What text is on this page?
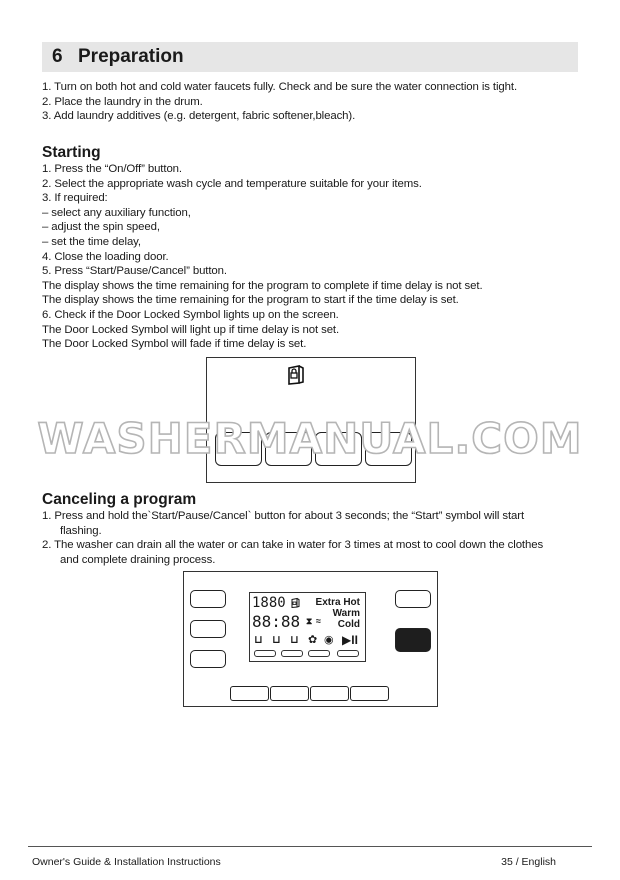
6 Preparation
1. Turn on both hot and cold water faucets fully. Check and be sure the water connection is tight.
2. Place the laundry in the drum.
3. Add laundry additives (e.g. detergent, fabric softener,bleach).
Starting
1. Press the “On/Off” button.
2. Select the appropriate wash cycle and temperature suitable for your items.
3. If required:
– select any auxiliary function,
– adjust the spin speed,
– set the time delay,
4. Close the loading door.
5. Press “Start/Pause/Cancel” button.
The display shows the time remaining for the program to complete if time delay is not set.
The display shows the time remaining for the program to start if the time delay is set.
6. Check if the Door Locked Symbol lights up on the screen.
The Door Locked Symbol will light up if time delay is not set.
The Door Locked Symbol will fade if time delay is set.
WASHERMANUAL.COM
Canceling a program
1. Press and hold the`Start/Pause/Cancel` button for about 3 seconds; the “Start” symbol will start
flashing.
2. The washer can drain all the water or can take in water for 3 times at most to cool down the clothes
and complete draining process.
1880	Extra Hot
Warm
Cold
88:88 ⧗ ≈
⊔ ⊔ ⊔ ✿ ◉ ▶II
Owner's Guide & Installation Instructions	35 / English
